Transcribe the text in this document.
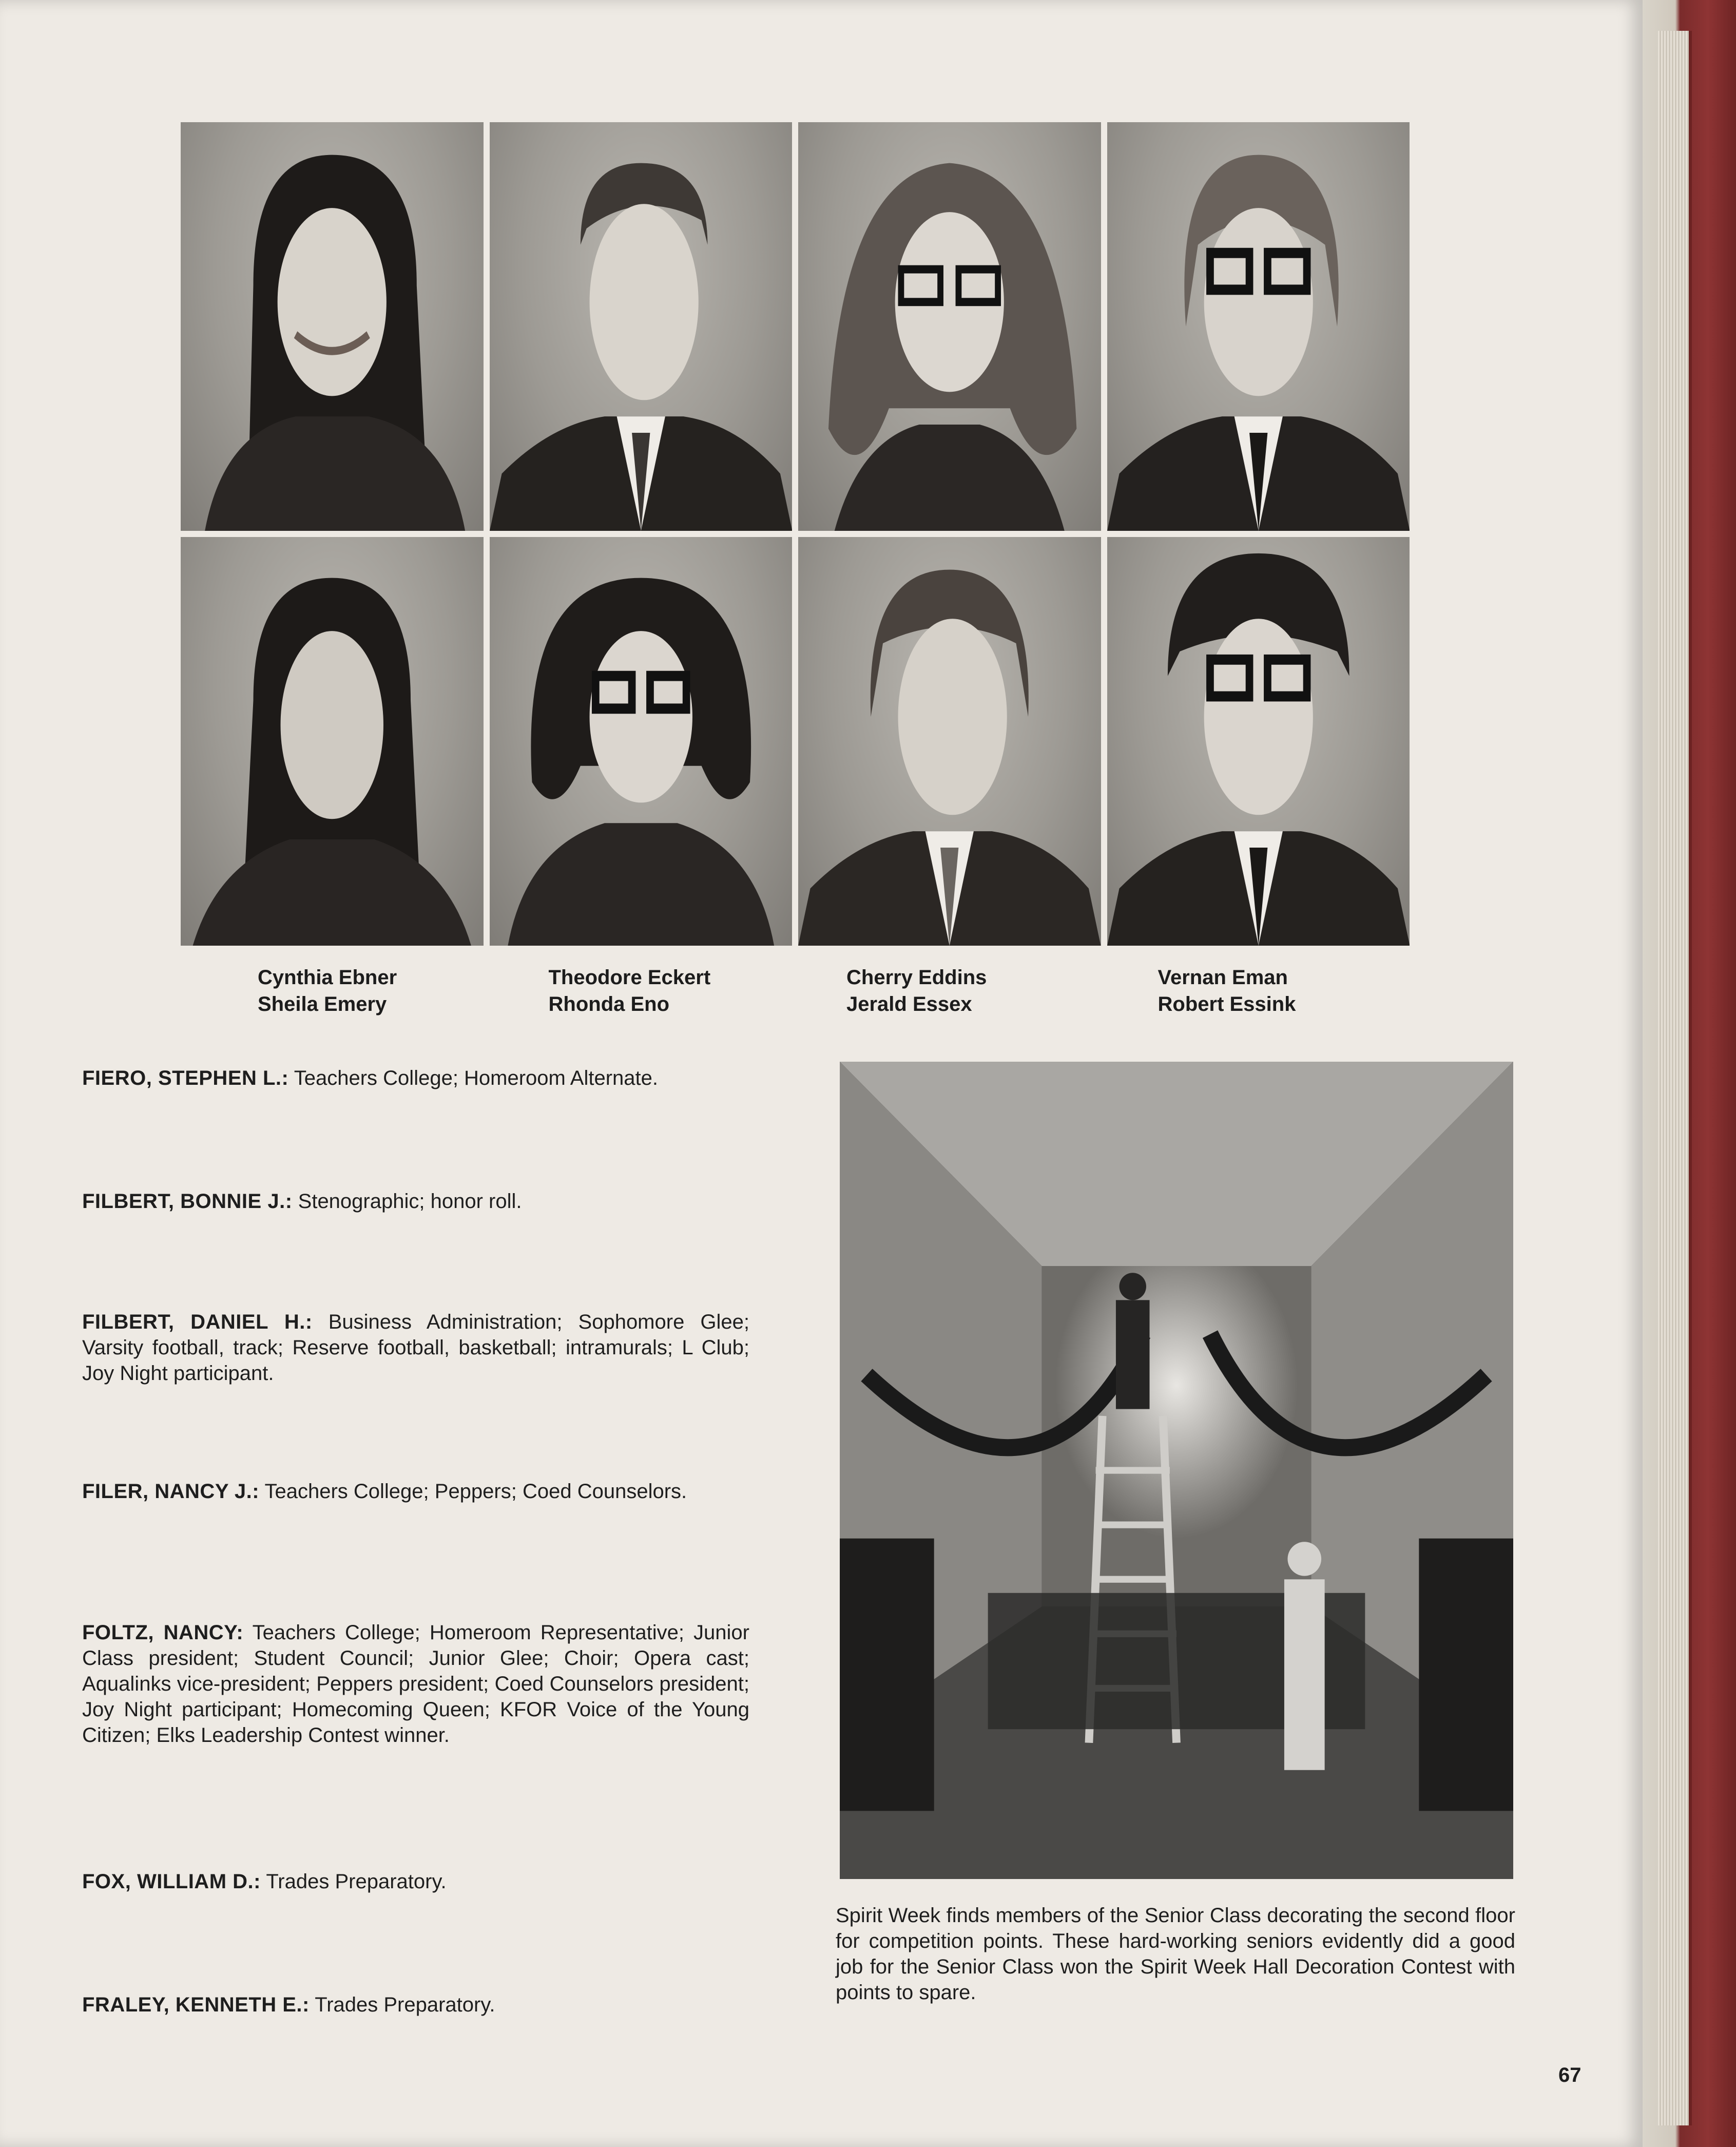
Cynthia Ebner
Sheila Emery
Theodore Eckert
Rhonda Eno
Cherry Eddins
Jerald Essex
Vernan Eman
Robert Essink
FIERO, STEPHEN L.: Teachers College; Homeroom Alternate.
FILBERT, BONNIE J.: Stenographic; honor roll.
FILBERT, DANIEL H.: Business Administration; Sophomore Glee; Varsity football, track; Reserve football, basketball; intramurals; L Club; Joy Night participant.
FILER, NANCY J.: Teachers College; Peppers; Coed Counselors.
FOLTZ, NANCY: Teachers College; Homeroom Representative; Junior Class president; Student Council; Junior Glee; Choir; Opera cast; Aqualinks vice-president; Peppers president; Coed Counselors president; Joy Night participant; Homecoming Queen; KFOR Voice of the Young Citizen; Elks Leadership Contest winner.
FOX, WILLIAM D.: Trades Preparatory.
FRALEY, KENNETH E.: Trades Preparatory.
Spirit Week finds members of the Senior Class decorating the second floor for competition points. These hard-working seniors evidently did a good job for the Senior Class won the Spirit Week Hall Decoration Contest with points to spare.
67
